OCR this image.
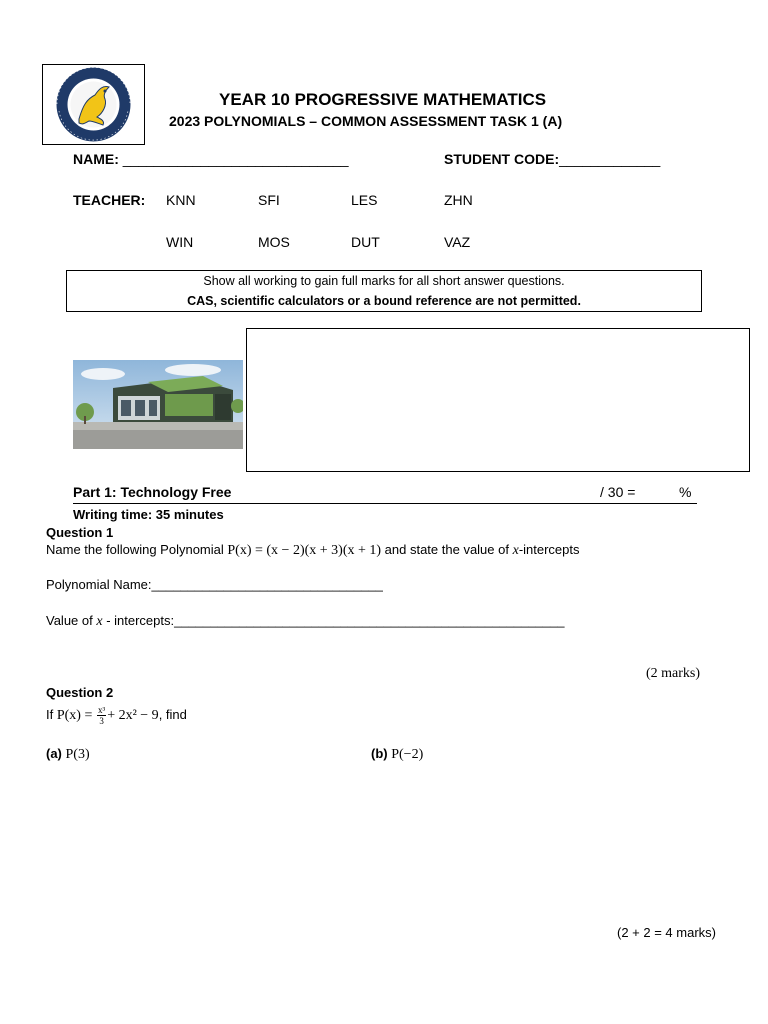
YEAR 10 PROGRESSIVE MATHEMATICS
2023 POLYNOMIALS – COMMON ASSESSMENT TASK 1 (A)
NAME: _____________________________	STUDENT CODE:_____________
TEACHER: KNN	SFI	LES	ZHN
WIN	MOS	DUT	VAZ
Show all working to gain full marks for all short answer questions.
CAS, scientific calculators or a bound reference are not permitted.
Part 1: Technology Free	/ 30 =	%
Writing time: 35 minutes
Question 1
Name the following Polynomial P(x) = (x − 2)(x + 3)(x + 1) and state the value of x-intercepts
Polynomial Name:________________________________
Value of x - intercepts:______________________________________________________
(2 marks)
Question 2
If $P(x) = \frac{\text{x³}}{3} + 2x^2 - 9$, find
(a) P(3)	(b) P(−2)
(2 + 2 = 4 marks)
